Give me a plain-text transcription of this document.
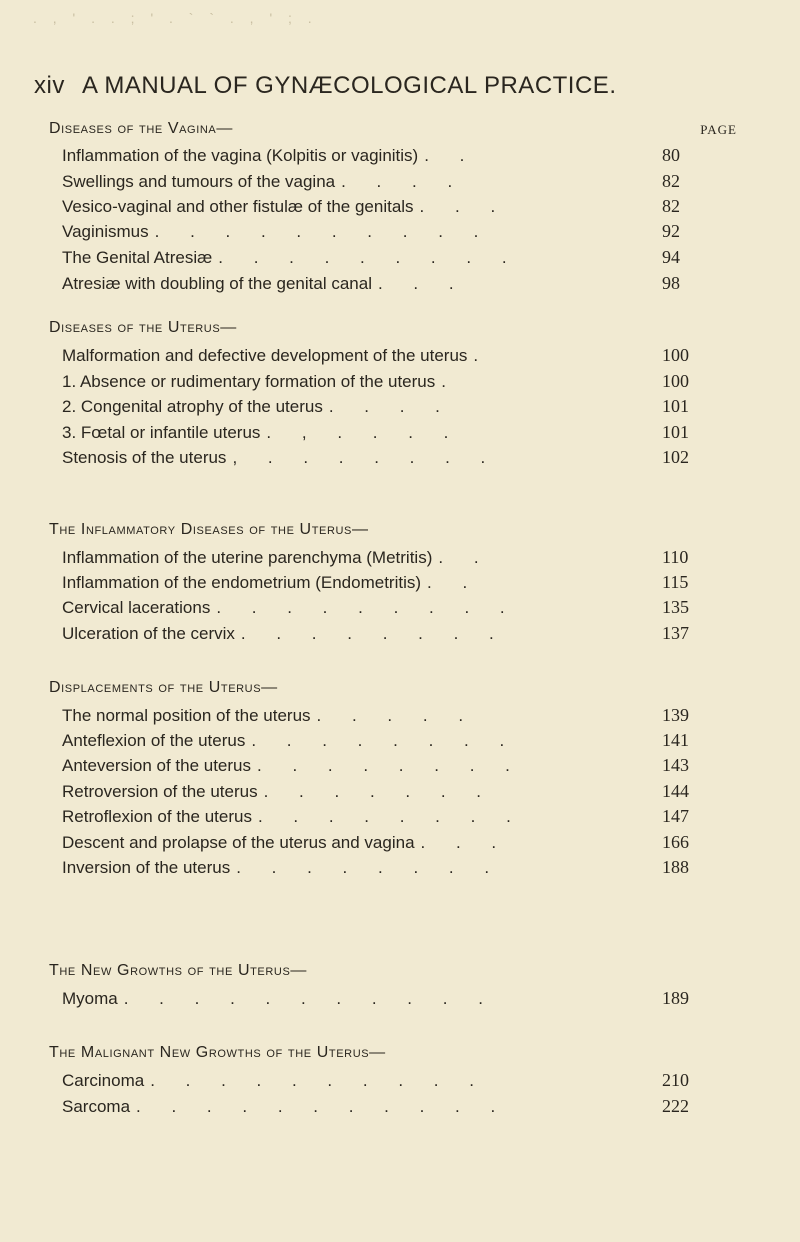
. , ' . . ; ' . ` ` . , ' ; .
xiv A MANUAL OF GYNÆCOLOGICAL PRACTICE.
PAGE
Diseases of the Vagina—
Inflammation of the vagina (Kolpitis or vaginitis) . .	80
Swellings and tumours of the vagina . . . .	82
Vesico-vaginal and other fistulæ of the genitals . . .	82
Vaginismus . . . . . . . . . .	92
The Genital Atresiæ . . . . . . . . .	94
Atresiæ with doubling of the genital canal . . .	98
Diseases of the Uterus—
Malformation and defective development of the uterus .	100
1. Absence or rudimentary formation of the uterus .	100
2. Congenital atrophy of the uterus . . . .	101
3. Fœtal or infantile uterus . , . . . .	101
Stenosis of the uterus , . . . . . . .	102
The Inflammatory Diseases of the Uterus—
Inflammation of the uterine parenchyma (Metritis) . .	110
Inflammation of the endometrium (Endometritis) . .	115
Cervical lacerations . . . . . . . . .	135
Ulceration of the cervix . . . . . . . .	137
Displacements of the Uterus—
The normal position of the uterus . . . . .	139
Anteflexion of the uterus . . . . . . . .	141
Anteversion of the uterus . . . . . . . .	143
Retroversion of the uterus . . . . . . .	144
Retroflexion of the uterus . . . . . . . .	147
Descent and prolapse of the uterus and vagina . . .	166
Inversion of the uterus . . . . . . . .	188
The New Growths of the Uterus—
Myoma . . . . . . . . . . .	189
The Malignant New Growths of the Uterus—
Carcinoma . . . . . . . . . .	210
Sarcoma . . . . . . . . . . .	222
